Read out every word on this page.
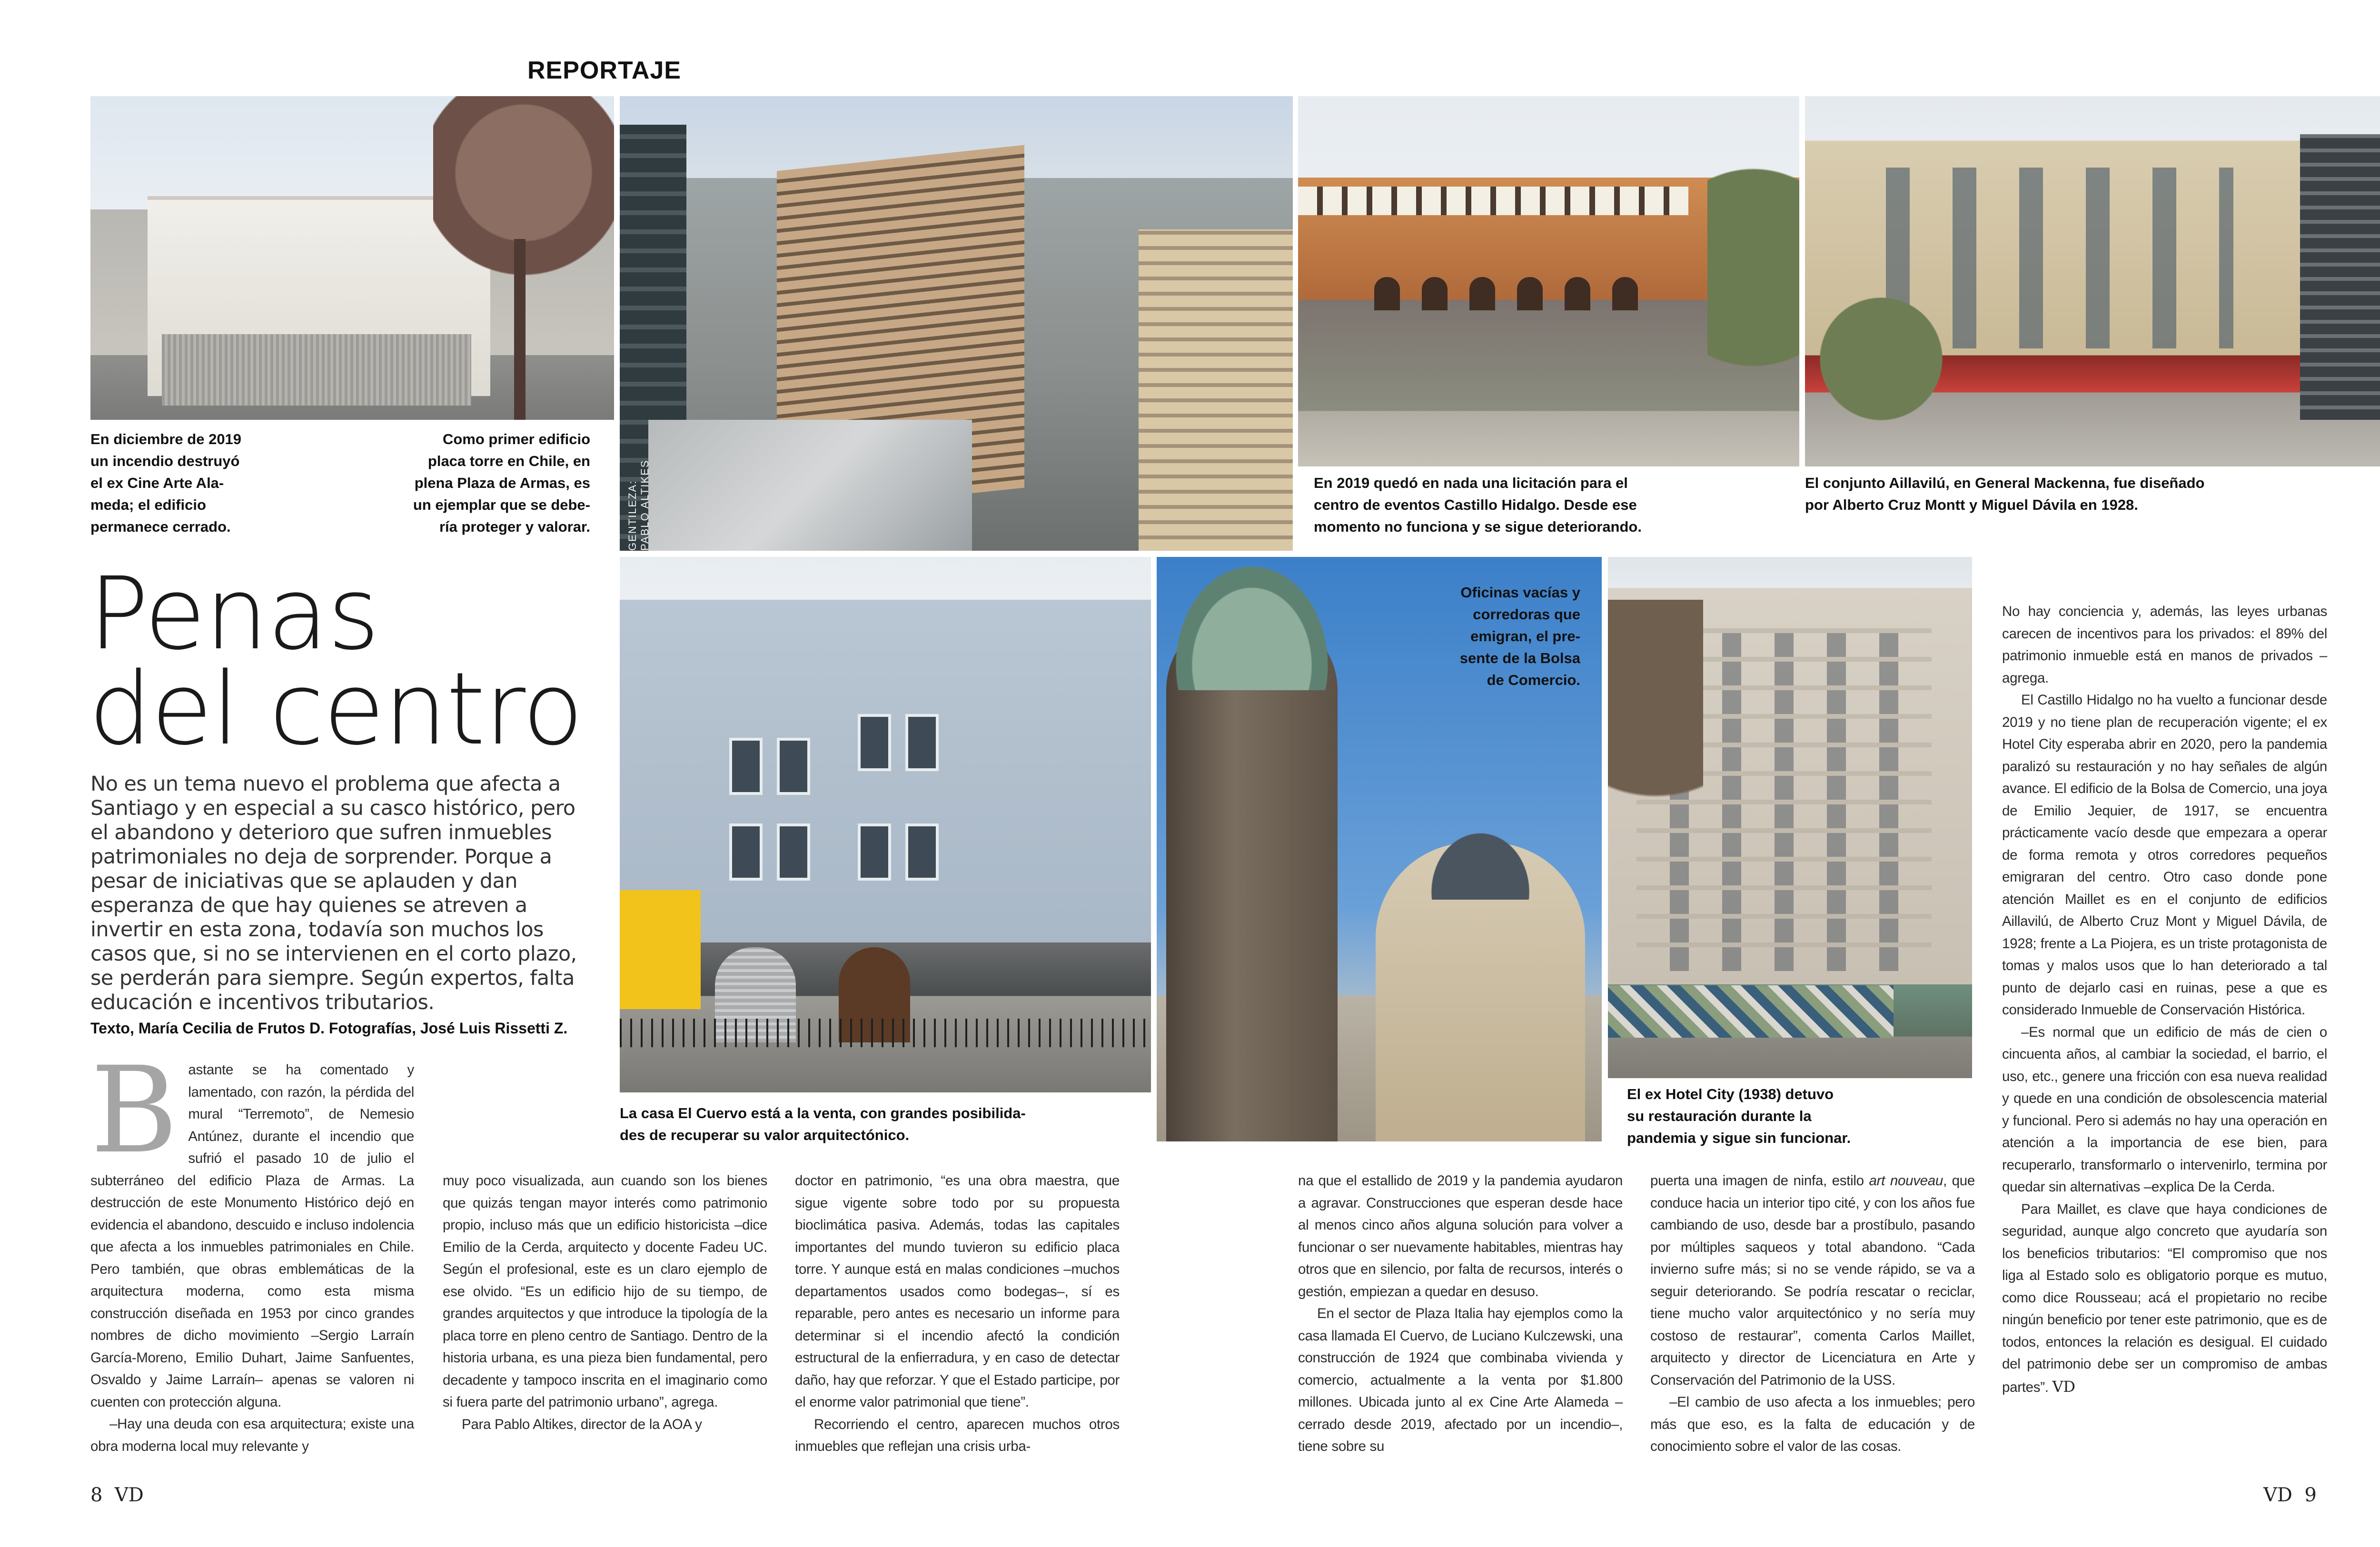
REPORTAJE
GENTILEZA: PABLO ALTIKES
En diciembre de 2019
un incendio destruyó
el ex Cine Arte Ala-
meda; el edificio
permanece cerrado.
Como primer edificio
placa torre en Chile, en
plena Plaza de Armas, es
un ejemplar que se debe-
ría proteger y valorar.
En 2019 quedó en nada una licitación para el
centro de eventos Castillo Hidalgo. Desde ese
momento no funciona y se sigue deteriorando.
El conjunto Aillavilú, en General Mackenna, fue diseñado
por Alberto Cruz Montt y Miguel Dávila en 1928.
La casa El Cuervo está a la venta, con grandes posibilida-
des de recuperar su valor arquitectónico.
Oficinas vacías y
corredoras que
emigran, el pre-
sente de la Bolsa
de Comercio.
El ex Hotel City (1938) detuvo
su restauración durante la
pandemia y sigue sin funcionar.
Penas
del centro
No es un tema nuevo el problema que afecta a Santiago y en especial a su casco histórico, pero el abandono y deterioro que sufren inmuebles patrimoniales no deja de sorprender. Porque a pesar de iniciativas que se aplauden y dan esperanza de que hay quienes se atreven a invertir en esta zona, todavía son muchos los casos que, si no se intervienen en el corto plazo, se perderán para siempre. Según expertos, falta educación e incentivos tributarios.
Texto, María Cecilia de Frutos D. Fotografías, José Luis Rissetti Z.
B astante se ha comentado y lamentado, con razón, la pérdida del mural “Terremoto”, de Nemesio Antúnez, durante el incendio que sufrió el pasado 10 de julio el subterráneo del edificio Plaza de Armas. La destrucción de este Monumento Histórico dejó en evidencia el abandono, descuido e incluso indolencia que afecta a los inmuebles patrimoniales en Chile. Pero también, que obras emblemáticas de la arquitectura moderna, como esta misma construcción diseñada en 1953 por cinco grandes nombres de dicho movimiento –Sergio Larraín García-Moreno, Emilio Duhart, Jaime Sanfuentes, Osvaldo y Jaime Larraín– apenas se valoren ni cuenten con protección alguna.

–Hay una deuda con esa arquitectura; existe una obra moderna local muy relevante y

muy poco visualizada, aun cuando son los bienes que quizás tengan mayor interés como patrimonio propio, incluso más que un edificio historicista –dice Emilio de la Cerda, arquitecto y docente Fadeu UC. Según el profesional, este es un claro ejemplo de ese olvido. “Es un edificio hijo de su tiempo, de grandes arquitectos y que introduce la tipología de la placa torre en pleno centro de Santiago. Dentro de la historia urbana, es una pieza bien fundamental, pero decadente y tampoco inscrita en el imaginario como si fuera parte del patrimonio urbano”, agrega.

Para Pablo Altikes, director de la AOA y

doctor en patrimonio, “es una obra maestra, que sigue vigente sobre todo por su propuesta bioclimática pasiva. Además, todas las capitales importantes del mundo tuvieron su edificio placa torre. Y aunque está en malas condiciones –muchos departamentos usados como bodegas–, sí es reparable, pero antes es necesario un informe para determinar si el incendio afectó la condición estructural de la enfierradura, y en caso de detectar daño, hay que reforzar. Y que el Estado participe, por el enorme valor patrimonial que tiene”.

Recorriendo el centro, aparecen muchos otros inmuebles que reflejan una crisis urba-

na que el estallido de 2019 y la pandemia ayudaron a agravar. Construcciones que esperan desde hace al menos cinco años alguna solución para volver a funcionar o ser nuevamente habitables, mientras hay otros que en silencio, por falta de recursos, interés o gestión, empiezan a quedar en desuso.

En el sector de Plaza Italia hay ejemplos como la casa llamada El Cuervo, de Luciano Kulczewski, una construcción de 1924 que combinaba vivienda y comercio, actualmente a la venta por $1.800 millones. Ubicada junto al ex Cine Arte Alameda –cerrado desde 2019, afectado por un incendio–, tiene sobre su

puerta una imagen de ninfa, estilo art nouveau, que conduce hacia un interior tipo cité, y con los años fue cambiando de uso, desde bar a prostíbulo, pasando por múltiples saqueos y total abandono. “Cada invierno sufre más; si no se vende rápido, se va a seguir deteriorando. Se podría rescatar o reciclar, tiene mucho valor arquitectónico y no sería muy costoso de restaurar”, comenta Carlos Maillet, arquitecto y director de Licenciatura en Arte y Conservación del Patrimonio de la USS.

–El cambio de uso afecta a los inmuebles; pero más que eso, es la falta de educación y de conocimiento sobre el valor de las cosas.

No hay conciencia y, además, las leyes urbanas carecen de incentivos para los privados: el 89% del patrimonio inmueble está en manos de privados –agrega.

El Castillo Hidalgo no ha vuelto a funcionar desde 2019 y no tiene plan de recuperación vigente; el ex Hotel City esperaba abrir en 2020, pero la pandemia paralizó su restauración y no hay señales de algún avance. El edificio de la Bolsa de Comercio, una joya de Emilio Jequier, de 1917, se encuentra prácticamente vacío desde que empezara a operar de forma remota y otros corredores pequeños emigraran del centro. Otro caso donde pone atención Maillet es en el conjunto de edificios Aillavilú, de Alberto Cruz Mont y Miguel Dávila, de 1928; frente a La Piojera, es un triste protagonista de tomas y malos usos que lo han deteriorado a tal punto de dejarlo casi en ruinas, pese a que es considerado Inmueble de Conservación Histórica.

–Es normal que un edificio de más de cien o cincuenta años, al cambiar la sociedad, el barrio, el uso, etc., genere una fricción con esa nueva realidad y quede en una condición de obsolescencia material y funcional. Pero si además no hay una operación en atención a la importancia de ese bien, para recuperarlo, transformarlo o intervenirlo, termina por quedar sin alternativas –explica De la Cerda.

Para Maillet, es clave que haya condiciones de seguridad, aunque algo concreto que ayudaría son los beneficios tributarios: “El compromiso que nos liga al Estado solo es obligatorio porque es mutuo, como dice Rousseau; acá el propietario no recibe ningún beneficio por tener este patrimonio, que es de todos, entonces la relación es desigual. El cuidado del patrimonio debe ser un compromiso de ambas partes”. VD

8 VD	VD 9
